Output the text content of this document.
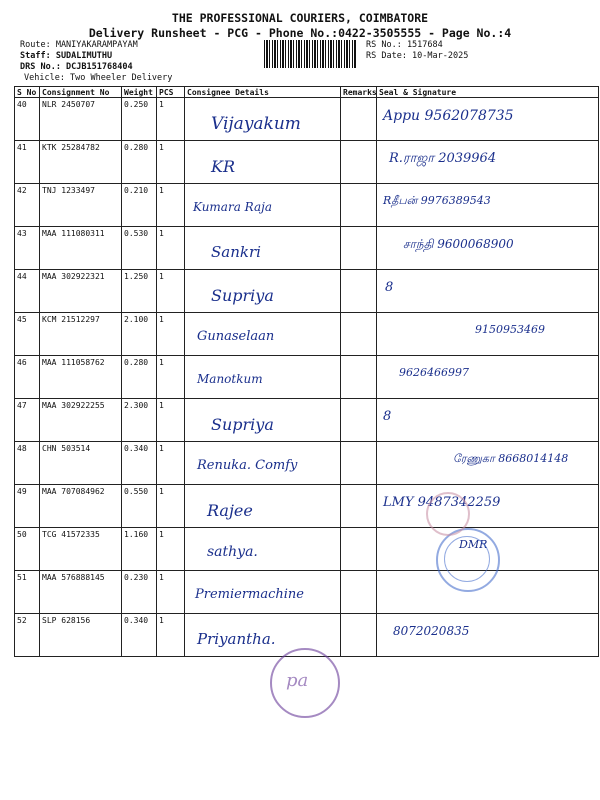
THE PROFESSIONAL COURIERS, COIMBATORE
Delivery Runsheet - PCG - Phone No.:0422-3505555 - Page No.:4
Route: MANIYAKARAMPAYAM
Staff: SUDALIMUTHU
DRS No.: DCJB151768404
Vehicle: Two Wheeler Delivery
RS No.: 1517684
RS Date: 10-Mar-2025
S No	Consignment No	Weight	PCS	Consignee Details	Remarks	Seal & Signature
40	NLR 2450707	0.250	1	Vijayakum		Appu 9562078735

41	KTK 25284782	0.280	1	KR		R.ராஜா 2039964

42	TNJ 1233497	0.210	1	Kumara Raja		Rதீபன் 9976389543

43	MAA 111080311	0.530	1	Sankri		சாந்தி 9600068900

44	MAA 302922321	1.250	1	Supriya		8

45	KCM 21512297	2.100	1	Gunaselaan		9150953469

46	MAA 111058762	0.280	1	Manotkum		9626466997

47	MAA 302922255	2.300	1	Supriya		8

48	CHN 503514	0.340	1	Renuka. Comfy		ரேணுகா 8668014148

49	MAA 707084962	0.550	1	Rajee		LMY 9487342259

50	TCG 41572335	1.160	1	sathya.		DMR

51	MAA 576888145	0.230	1	Premiermachine		

52	SLP 628156	0.340	1	Priyantha.		8072020835
pa
